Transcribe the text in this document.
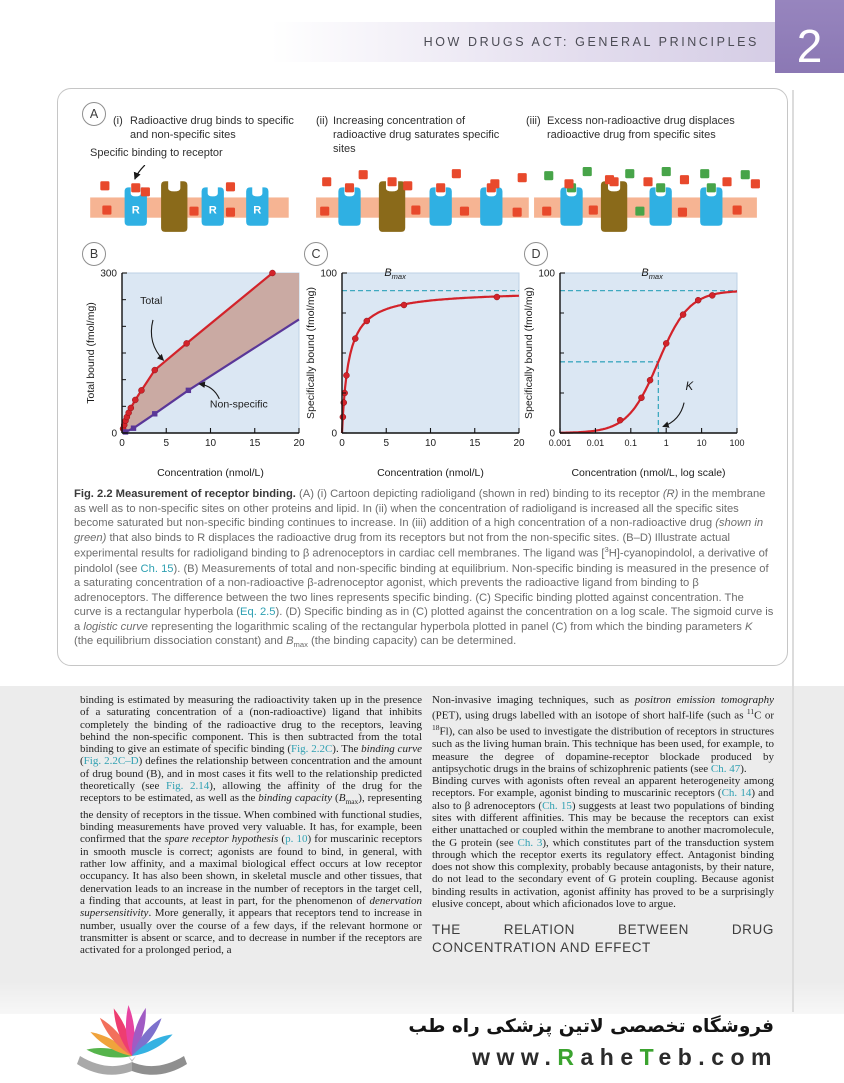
HOW DRUGS ACT: GENERAL PRINCIPLES 2
A (i) Radioactive drug binds to specific and non-specific sites
(ii) Increasing concentration of radioactive drug saturates specific sites
(iii) Excess non-radioactive drug displaces radioactive drug from specific sites
Specific binding to receptor
R	R	R
B	C	D
0	5	10	15	20
0
300
Total
Non-specific
Concentration (nmol/L)
Total bound (fmol/mg)
0	5	10	15	20
0
100	$B_{max}$
Concentration (nmol/L)
Specifically bound (fmol/mg)
0.001 0.01 0.1	1	10	100
0
100	$B_{max}$
K
Concentration (nmol/L, log scale)
Specifically bound (fmol/mg)
Fig. 2.2 Measurement of receptor binding. (A) (i) Cartoon depicting radioligand (shown in red) binding to its receptor (R) in the membrane as well as to non-specific sites on other proteins and lipid. In (ii) when the concentration of radioligand is increased all the specific sites become saturated but non-specific binding continues to increase. In (iii) addition of a high concentration of a non-radioactive drug (shown in green) that also binds to R displaces the radioactive drug from its receptors but not from the non-specific sites. (B–D) Illustrate actual experimental results for radioligand binding to β adrenoceptors in cardiac cell membranes. The ligand was [$^3$H]-cyanopindolol, a derivative of pindolol (see Ch. 15). (B) Measurements of total and non-specific binding at equilibrium. Non-specific binding is measured in the presence of a saturating concentration of a non-radioactive β-adrenoceptor agonist, which prevents the radioactive ligand from binding to β adrenoceptors. The difference between the two lines represents specific binding. (C) Specific binding plotted against concentration. The curve is a rectangular hyperbola (Eq. 2.5). (D) Specific binding as in (C) plotted against the concentration on a log scale. The sigmoid curve is a logistic curve representing the logarithmic scaling of the rectangular hyperbola plotted in panel (C) from which the binding parameters K (the equilibrium dissociation constant) and $B_{max}$ (the binding capacity) can be determined.
binding is estimated by measuring the radioactivity taken up in the presence of a saturating concentration of a (non-radioactive) ligand that inhibits completely the binding of the radioactive drug to the receptors, leaving behind the non-specific component. This is then subtracted from the total binding to give an estimate of specific binding (Fig. 2.2C). The binding curve (Fig. 2.2C–D) defines the relationship between concentration and the amount of drug bound (B), and in most cases it fits well to the relationship predicted theoretically (see Fig. 2.14), allowing the affinity of the drug for the receptors to be estimated, as well as the binding capacity $(B_{max})$, representing the density of receptors in the tissue. When combined with functional studies, binding measurements have proved very valuable. It has, for example, been confirmed that the spare receptor hypothesis (p. 10) for muscarinic receptors in smooth muscle is correct; agonists are found to bind, in general, with rather low affinity, and a maximal biological effect occurs at low receptor occupancy. It has also been shown, in skeletal muscle and other tissues, that denervation leads to an increase in the number of receptors in the target cell, a finding that accounts, at least in part, for the phenomenon of denervation supersensitivity. More generally, it appears that receptors tend to increase in number, usually over the course of a few days, if the relevant hormone or transmitter is absent or scarce, and to decrease in number if the receptors are activated for a prolonged period, a

Non-invasive imaging techniques, such as positron emission tomography (PET), using drugs labelled with an isotope of short half-life (such as $^{11}$C or $^{18}$Fl), can also be used to investigate the distribution of receptors in structures such as the living human brain. This technique has been used, for example, to measure the degree of dopamine-receptor blockade produced by antipsychotic drugs in the brains of schizophrenic patients (see Ch. 47).

Binding curves with agonists often reveal an apparent heterogeneity among receptors. For example, agonist binding to muscarinic receptors (Ch. 14) and also to β adrenoceptors (Ch. 15) suggests at least two populations of binding sites with different affinities. This may be because the receptors can exist either unattached or coupled within the membrane to another macromolecule, the G protein (see Ch. 3), which constitutes part of the transduction system through which the receptor exerts its regulatory effect. Antagonist binding does not show this complexity, probably because antagonists, by their nature, do not lead to the secondary event of G protein coupling. Because agonist binding results in activation, agonist affinity has proved to be a surprisingly elusive concept, about which aficionados love to argue.

THE RELATION BETWEEN DRUG CONCENTRATION AND EFFECT
فروشگاه تخصصی لاتین پزشکی راه طب
www.RaheTeb.com
